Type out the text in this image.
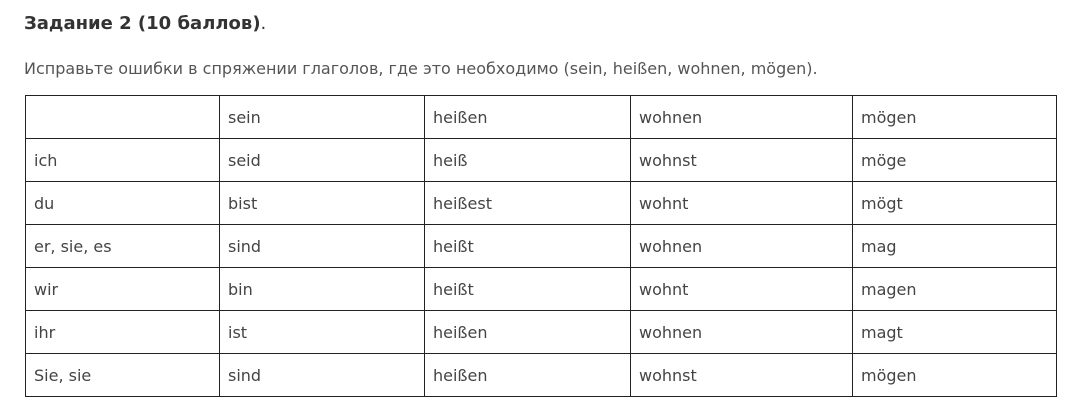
Задание 2 (10 баллов).
Исправьте ошибки в спряжении глаголов, где это необходимо (sein, heißen, wohnen, mögen).
	sein	heißen	wohnen	mögen
ich	seid	heiß	wohnst	möge
du	bist	heißest	wohnt	mögt
er, sie, es	sind	heißt	wohnen	mag
wir	bin	heißt	wohnt	magen
ihr	ist	heißen	wohnen	magt
Sie, sie	sind	heißen	wohnst	mögen
